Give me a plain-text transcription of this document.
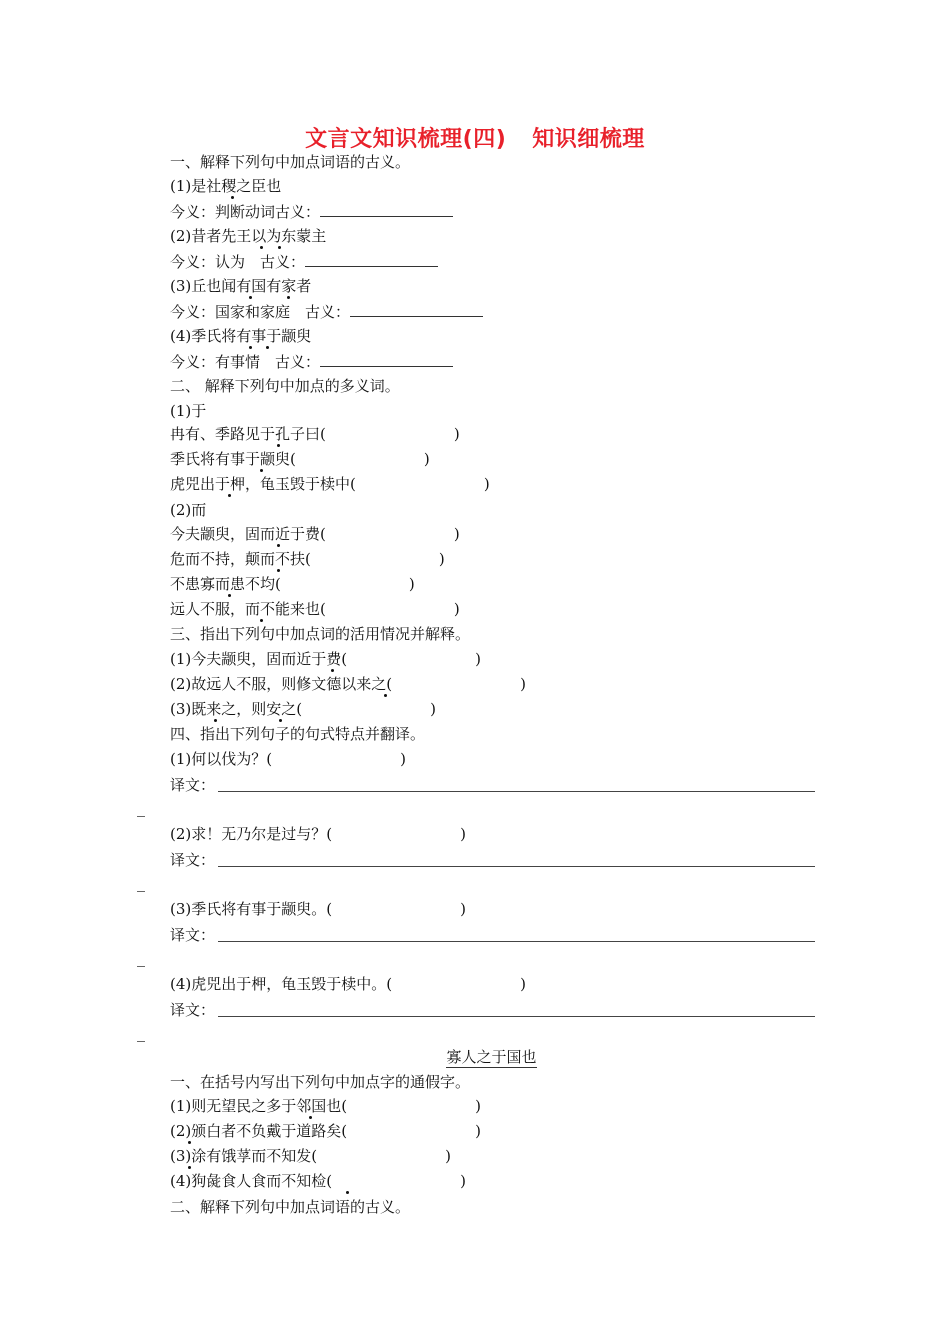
文言文知识梳理(四) 知识细梳理
一、解释下列句中加点词语的古义。
(1)是社稷之臣也
今义：判断动词古义：
(2)昔者先王以为东蒙主
今义：认为　古义：
(3)丘也闻有国有家者
今义：国家和家庭　古义：
(4)季氏将有事于颛臾
今义：有事情　古义：
二、 解释下列句中加点的多义词。
(1)于
冉有、季路见于孔子曰(	)
季氏将有事于颛臾(	)
虎兕出于柙，龟玉毁于椟中(	)
(2)而
今夫颛臾，固而近于费(	)
危而不持，颠而不扶(	)
不患寡而患不均(	)
远人不服，而不能来也(	)
三、指出下列句中加点词的活用情况并解释。
(1)今夫颛臾，固而近于费(	)
(2)故远人不服，则修文德以来之(	)
(3)既来之，则安之(	)
四、指出下列句子的句式特点并翻译。
(1)何以伐为？(	)
译文：
(2)求！无乃尔是过与？(	)
译文：
(3)季氏将有事于颛臾。(	)
译文：
(4)虎兕出于柙，龟玉毁于椟中。(	)
译文：
寡人之于国也
一、在括号内写出下列句中加点字的通假字。
(1)则无望民之多于邻国也(	)
(2)颁白者不负戴于道路矣(	)
(3)涂有饿莩而不知发(	)
(4)狗彘食人食而不知检(	)
二、解释下列句中加点词语的古义。
